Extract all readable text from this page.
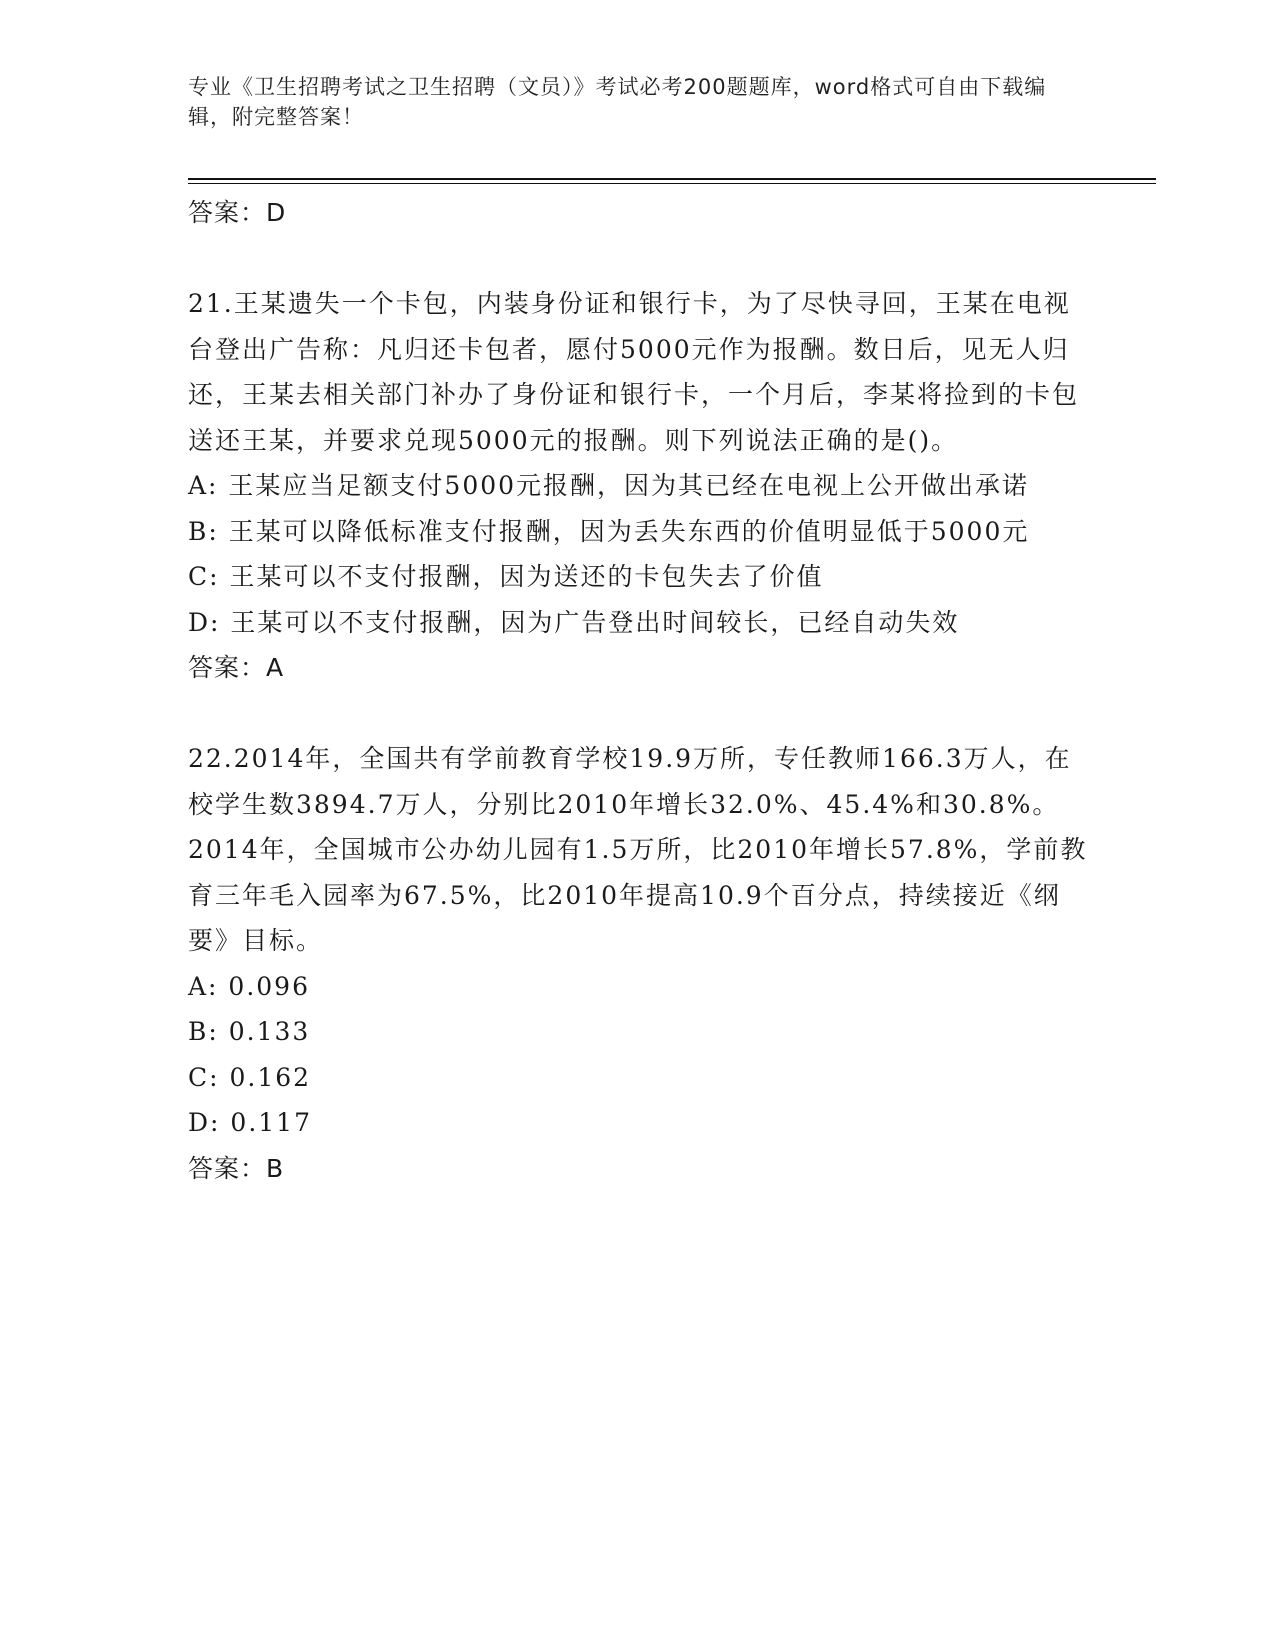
专业《卫生招聘考试之卫生招聘（文员）》考试必考200题题库，word格式可自由下载编辑，附完整答案！

答案：D

21.王某遗失一个卡包，内装身份证和银行卡，为了尽快寻回，王某在电视台登出广告称：凡归还卡包者，愿付5000元作为报酬。数日后，见无人归还，王某去相关部门补办了身份证和银行卡，一个月后，李某将捡到的卡包送还王某，并要求兑现5000元的报酬。则下列说法正确的是()。

A: 王某应当足额支付5000元报酬，因为其已经在电视上公开做出承诺

B: 王某可以降低标准支付报酬，因为丢失东西的价值明显低于5000元

C: 王某可以不支付报酬，因为送还的卡包失去了价值

D: 王某可以不支付报酬，因为广告登出时间较长，已经自动失效

答案：A

22.2014年，全国共有学前教育学校19.9万所，专任教师166.3万人，在校学生数3894.7万人，分别比2010年增长32.0%、45.4%和30.8%。2014年，全国城市公办幼儿园有1.5万所，比2010年增长57.8%，学前教育三年毛入园率为67.5%，比2010年提高10.9个百分点，持续接近《纲要》目标。

A: 0.096

B: 0.133

C: 0.162

D: 0.117

答案：B
